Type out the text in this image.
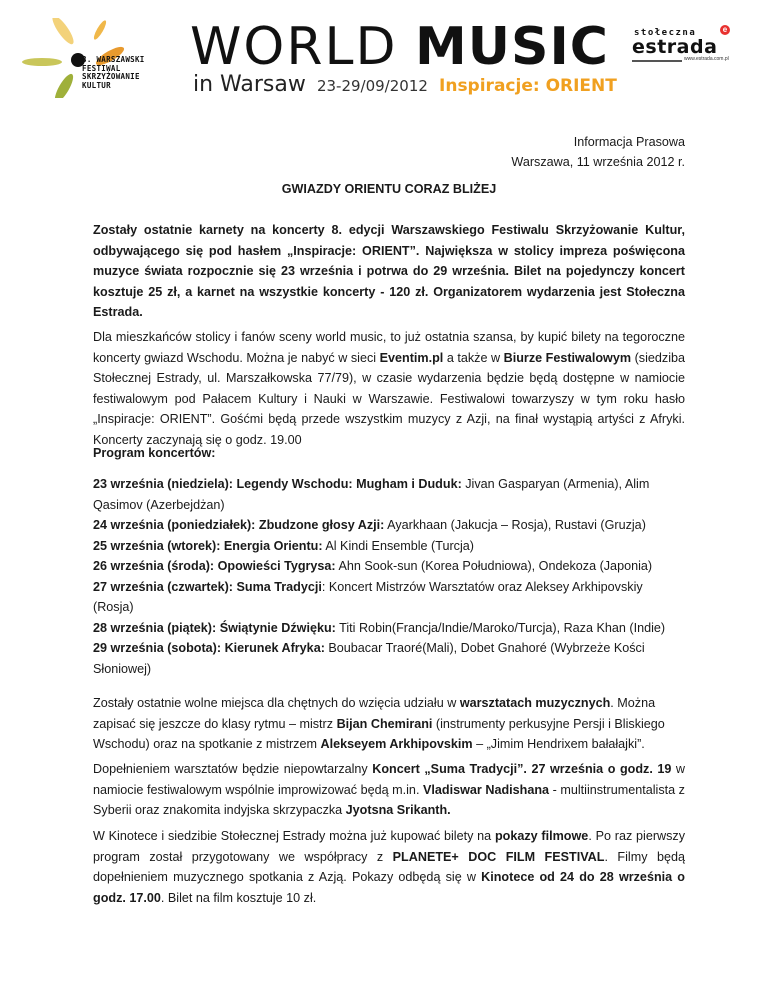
8. WARSZAWSKI
FESTIWAL
SKRZYŻOWANIE
KULTUR
WORLD MUSIC
in Warsaw 23-29/09/2012 Inspiracje: ORIENT
stołeczna
estrada
e
www.estrada.com.pl
Informacja Prasowa
Warszawa, 11 września 2012 r.
GWIAZDY ORIENTU CORAZ BLIŻEJ
Zostały ostatnie karnety na koncerty 8. edycji Warszawskiego Festiwalu Skrzyżowanie Kultur, odbywającego się pod hasłem „Inspiracje: ORIENT”. Największa w stolicy impreza poświęcona muzyce świata rozpocznie się 23 września i potrwa do 29 września. Bilet na pojedynczy koncert kosztuje 25 zł, a karnet na wszystkie koncerty - 120 zł. Organizatorem wydarzenia jest Stołeczna Estrada.
Dla mieszkańców stolicy i fanów sceny world music, to już ostatnia szansa, by kupić bilety na tegoroczne koncerty gwiazd Wschodu. Można je nabyć w sieci Eventim.pl a także w Biurze Festiwalowym (siedziba Stołecznej Estrady, ul. Marszałkowska 77/79), w czasie wydarzenia będzie będą dostępne w namiocie festiwalowym pod Pałacem Kultury i Nauki w Warszawie. Festiwalowi towarzyszy w tym roku hasło „Inspiracje: ORIENT”. Gośćmi będą przede wszystkim muzycy z Azji, na finał wystąpią artyści z Afryki. Koncerty zaczynają się o godz. 19.00
Program koncertów:
23 września (niedziela): Legendy Wschodu: Mugham i Duduk: Jivan Gasparyan (Armenia), Alim Qasimov (Azerbejdżan)
24 września (poniedziałek): Zbudzone głosy Azji: Ayarkhaan (Jakucja – Rosja), Rustavi (Gruzja)
25 września (wtorek): Energia Orientu: Al Kindi Ensemble (Turcja)
26 września (środa): Opowieści Tygrysa: Ahn Sook-sun (Korea Południowa), Ondekoza (Japonia)
27 września (czwartek): Suma Tradycji: Koncert Mistrzów Warsztatów oraz Aleksey Arkhipovskiy (Rosja)
28 września (piątek): Świątynie Dźwięku: Titi Robin(Francja/Indie/Maroko/Turcja), Raza Khan (Indie)
29 września (sobota): Kierunek Afryka: Boubacar Traoré(Mali), Dobet Gnahoré (Wybrzeże Kości Słoniowej)
Zostały ostatnie wolne miejsca dla chętnych do wzięcia udziału w warsztatach muzycznych. Można zapisać się jeszcze do klasy rytmu – mistrz Bijan Chemirani (instrumenty perkusyjne Persji i Bliskiego Wschodu) oraz na spotkanie z mistrzem Alekseyem Arkhipovskim – „Jimim Hendrixem bałałajki”.
Dopełnieniem warsztatów będzie niepowtarzalny Koncert „Suma Tradycji”. 27 września o godz. 19 w namiocie festiwalowym wspólnie improwizować będą m.in. Vladiswar Nadishana - multiinstrumentalista z Syberii oraz znakomita indyjska skrzypaczka Jyotsna Srikanth.
W Kinotece i siedzibie Stołecznej Estrady można już kupować bilety na pokazy filmowe. Po raz pierwszy program został przygotowany we współpracy z PLANETE+ DOC FILM FESTIVAL. Filmy będą dopełnieniem muzycznego spotkania z Azją. Pokazy odbędą się w Kinotece od 24 do 28 września o godz. 17.00. Bilet na film kosztuje 10 zł.
